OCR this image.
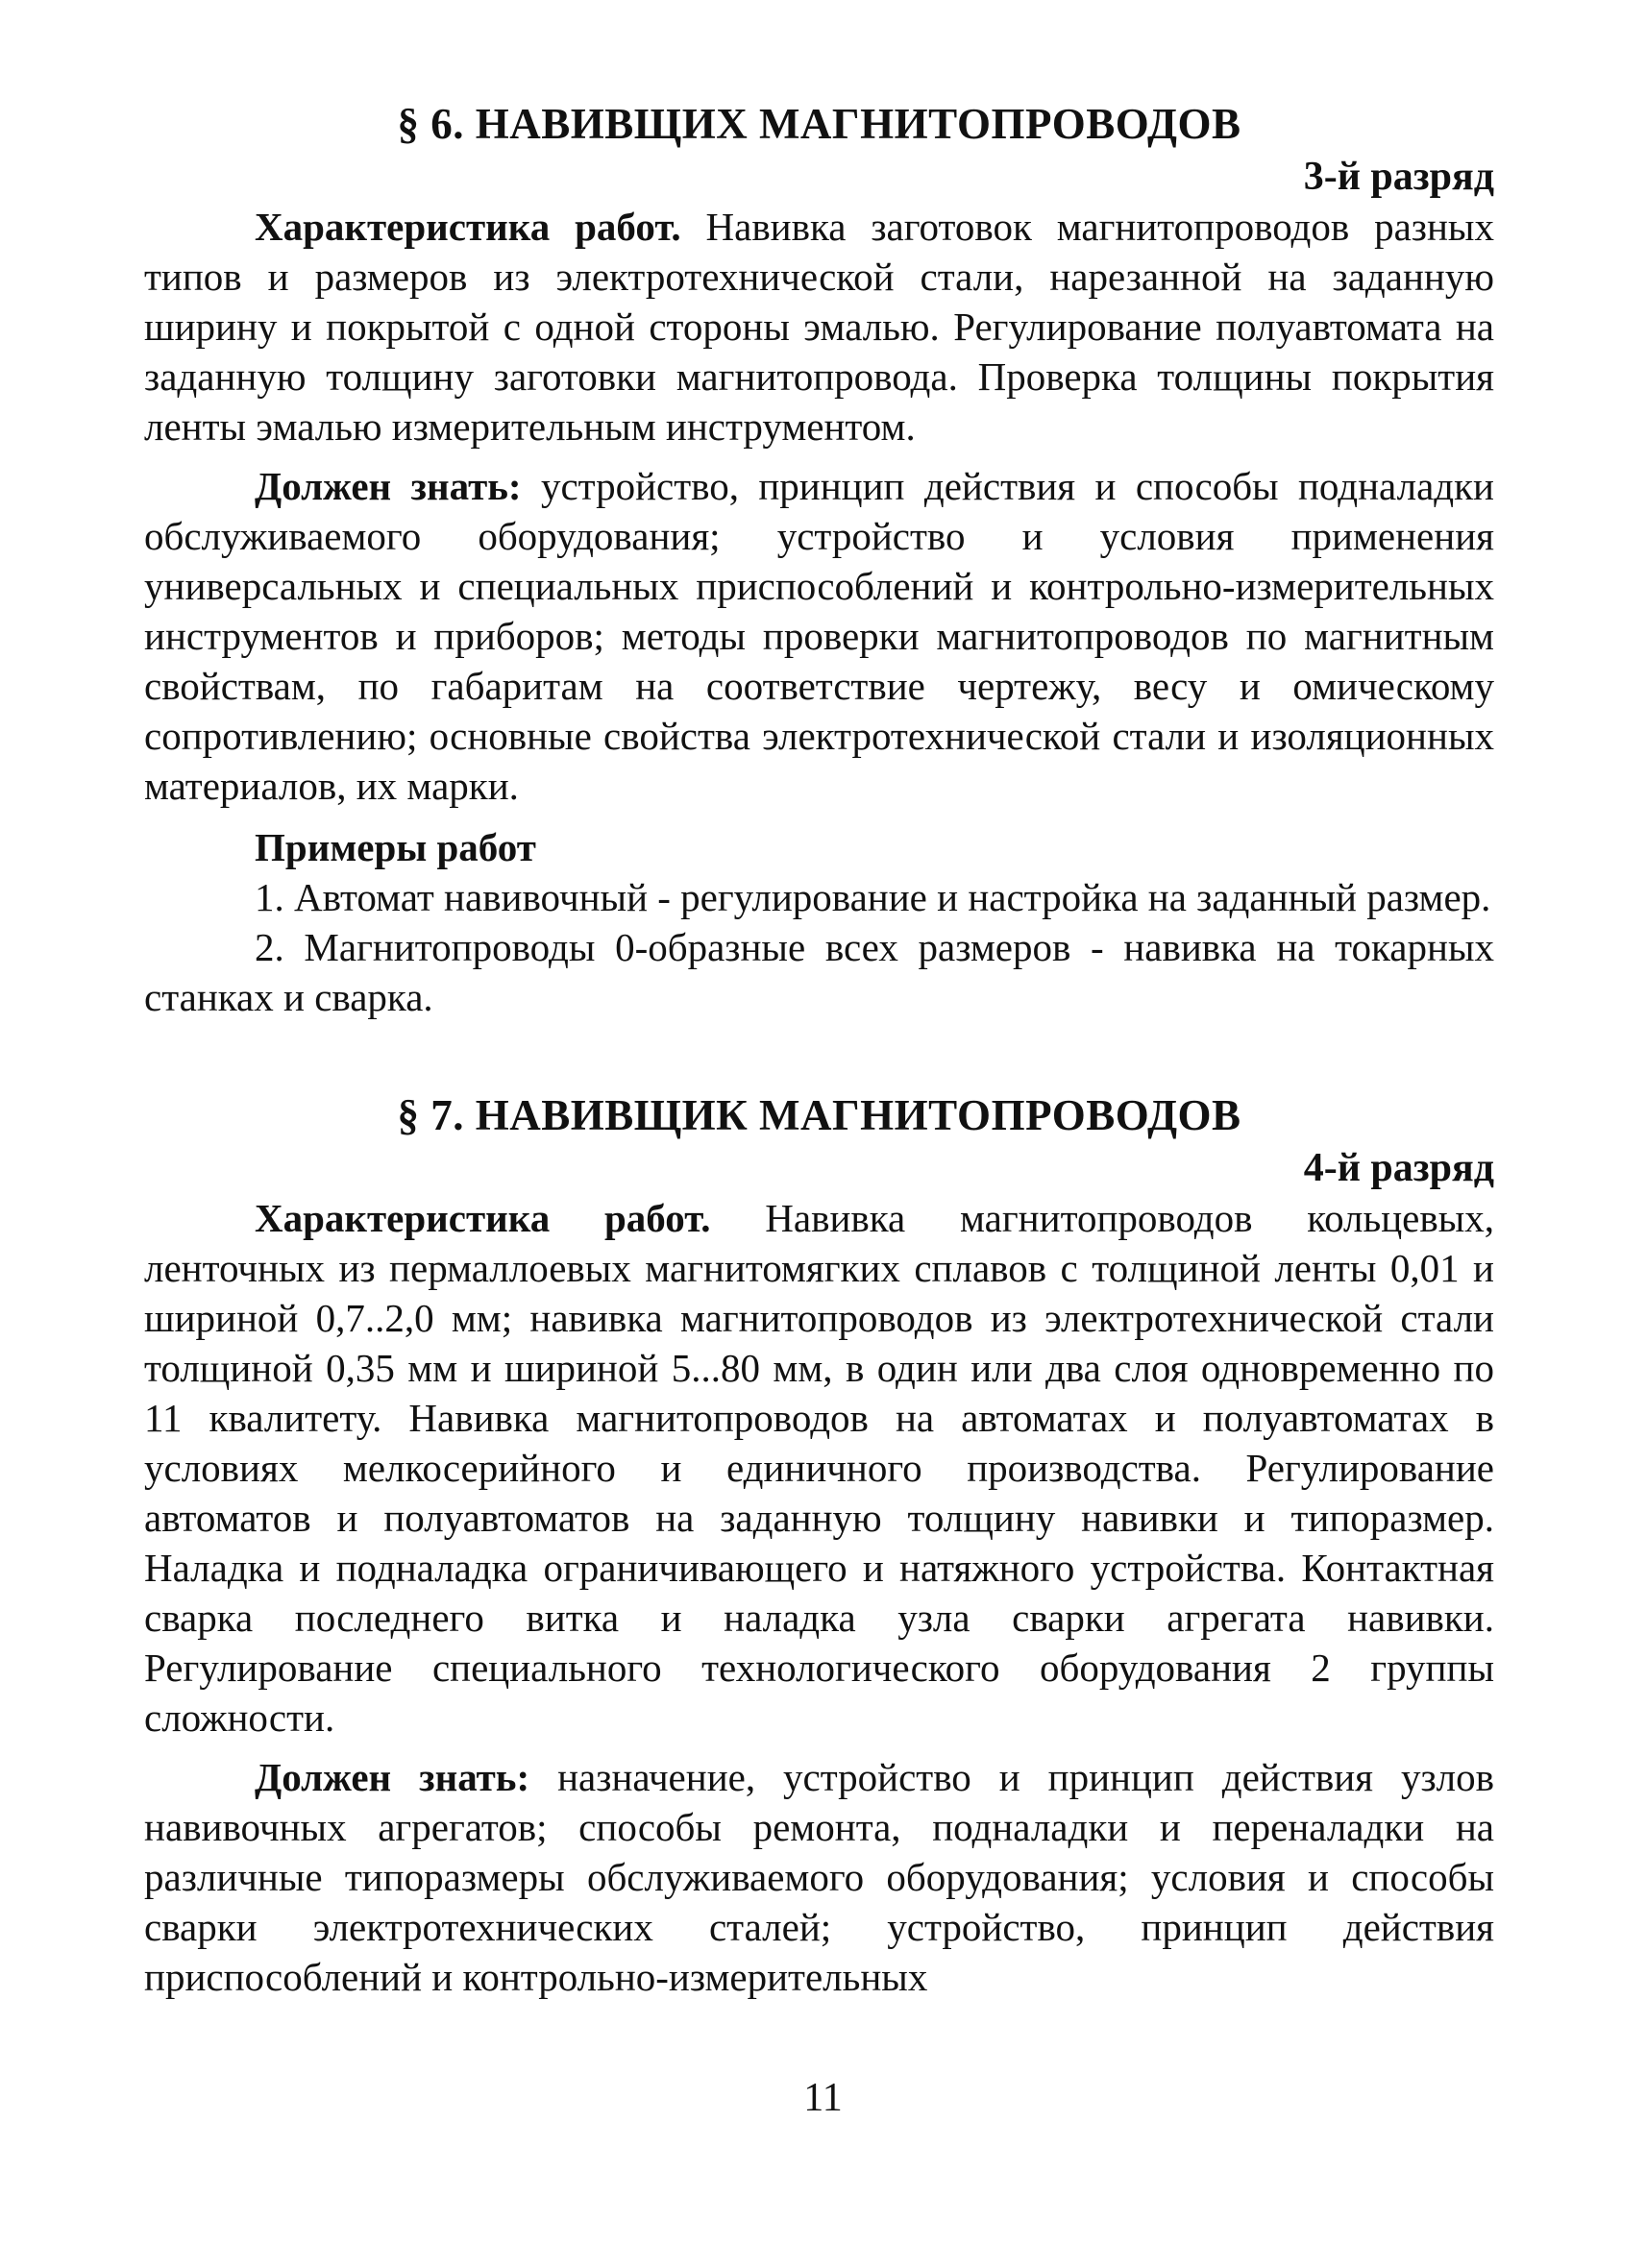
§ 6. НАВИВЩИХ МАГНИТОПРОВОДОВ

3-й разряд

Характеристика работ. Навивка заготовок магнитопроводов разных типов и размеров из электротехнической стали, нарезанной на заданную ширину и покрытой с одной стороны эмалью. Регулирование полуавтомата на заданную толщину заготовки магнитопровода. Проверка толщины покрытия ленты эмалью измерительным инструментом.

Должен знать: устройство, принцип действия и способы подналадки обслуживаемого оборудования; устройство и условия применения универсальных и специальных приспособлений и контрольно-измерительных инструментов и приборов; методы проверки магнитопроводов по магнитным свойствам, по габаритам на соответствие чертежу, весу и омическому сопротивлению; основные свойства электротехнической стали и изоляционных материалов, их марки.

Примеры работ

1. Автомат навивочный - регулирование и настройка на заданный размер.

2. Магнитопроводы 0-образные всех размеров - навивка на токарных станках и сварка.

§ 7. НАВИВЩИК МАГНИТОПРОВОДОВ

4-й разряд

Характеристика работ. Навивка магнитопроводов кольцевых, ленточных из пермаллоевых магнитомягких сплавов с толщиной ленты 0,01 и шириной 0,7..2,0 мм; навивка магнитопроводов из электротехнической стали толщиной 0,35 мм и шириной 5...80 мм, в один или два слоя одновременно по 11 квалитету. Навивка магнитопроводов на автоматах и полуавтоматах в условиях мелкосерийного и единичного производства. Регулирование автоматов и полуавтоматов на заданную толщину навивки и типоразмер. Наладка и подналадка ограничивающего и натяжного устройства. Контактная сварка последнего витка и наладка узла сварки агрегата навивки. Регулирование специального технологического оборудования 2 группы сложности.

Должен знать: назначение, устройство и принцип действия узлов навивочных агрегатов; способы ремонта, подналадки и переналадки на различные типоразмеры обслуживаемого оборудования; условия и способы сварки электротехнических сталей; устройство, принцип действия приспособлений и контрольно-измерительных

11
